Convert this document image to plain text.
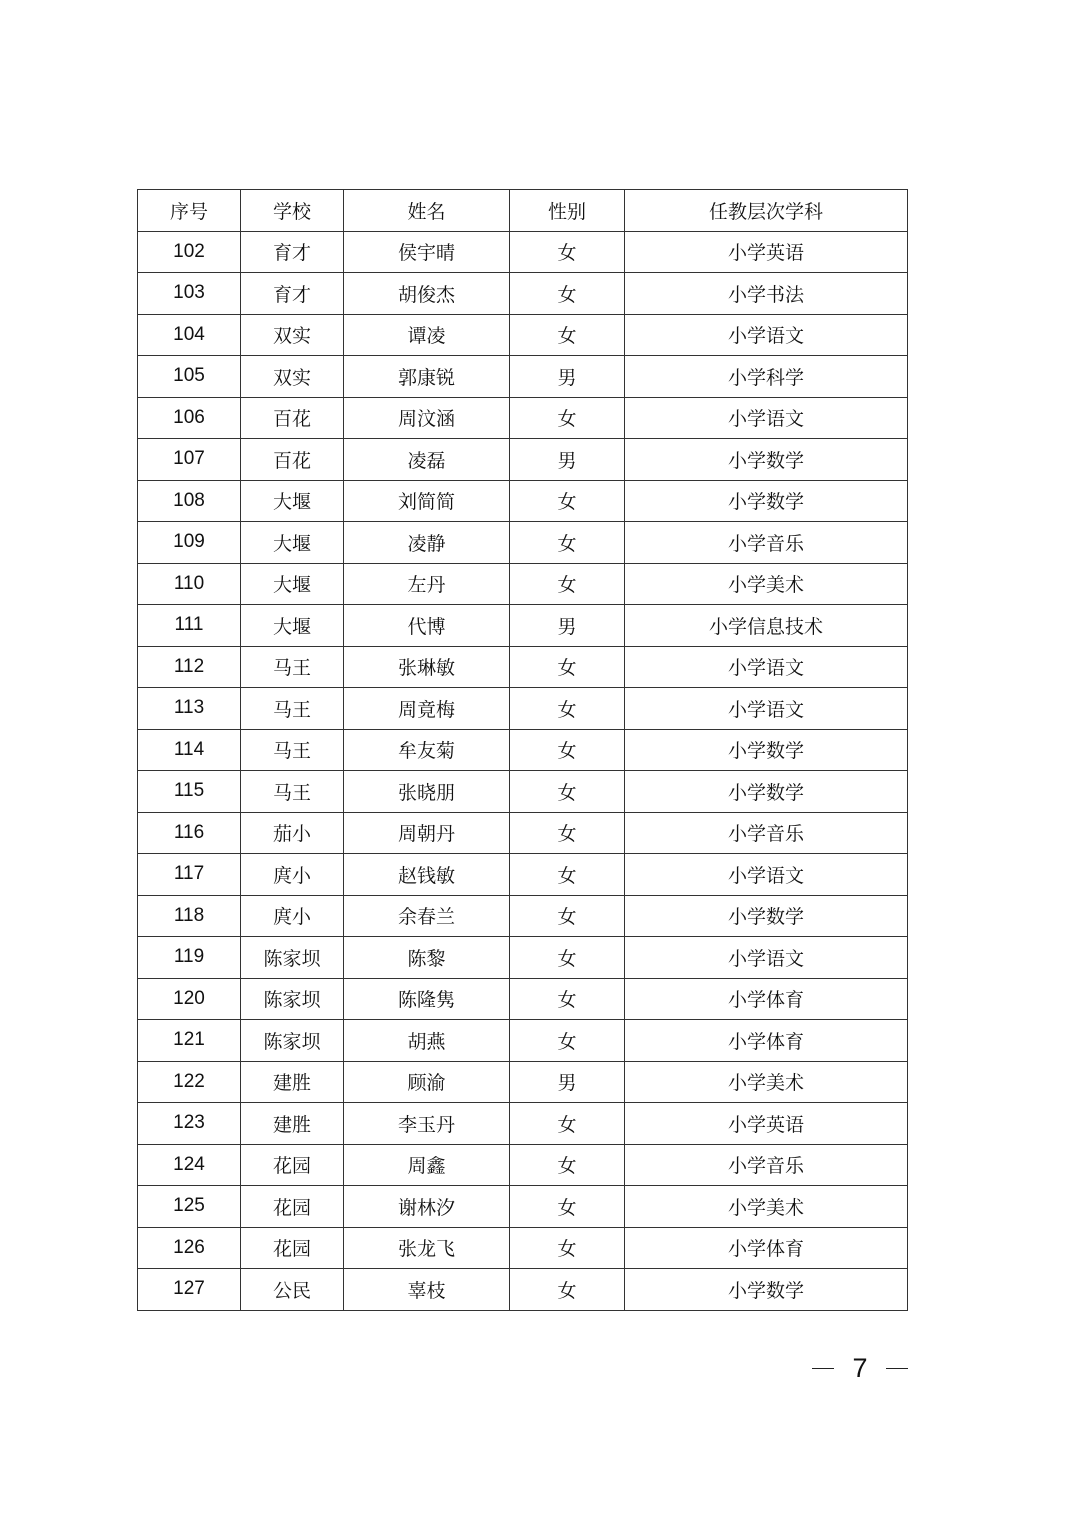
序号	学校	姓名	性别	任教层次学科
102	育才	侯宇晴	女	小学英语
103	育才	胡俊杰	女	小学书法
104	双实	谭凌	女	小学语文
105	双实	郭康锐	男	小学科学
106	百花	周汶涵	女	小学语文
107	百花	凌磊	男	小学数学
108	大堰	刘简简	女	小学数学
109	大堰	凌静	女	小学音乐
110	大堰	左丹	女	小学美术
111	大堰	代博	男	小学信息技术
112	马王	张琳敏	女	小学语文
113	马王	周竟梅	女	小学语文
114	马王	牟友菊	女	小学数学
115	马王	张晓朋	女	小学数学
116	茄小	周朝丹	女	小学音乐
117	庹小	赵钱敏	女	小学语文
118	庹小	余春兰	女	小学数学
119	陈家坝	陈黎	女	小学语文
120	陈家坝	陈隆隽	女	小学体育
121	陈家坝	胡燕	女	小学体育
122	建胜	顾渝	男	小学美术
123	建胜	李玉丹	女	小学英语
124	花园	周鑫	女	小学音乐
125	花园	谢林汐	女	小学美术
126	花园	张龙飞	女	小学体育
127	公民	辜枝	女	小学数学
7
